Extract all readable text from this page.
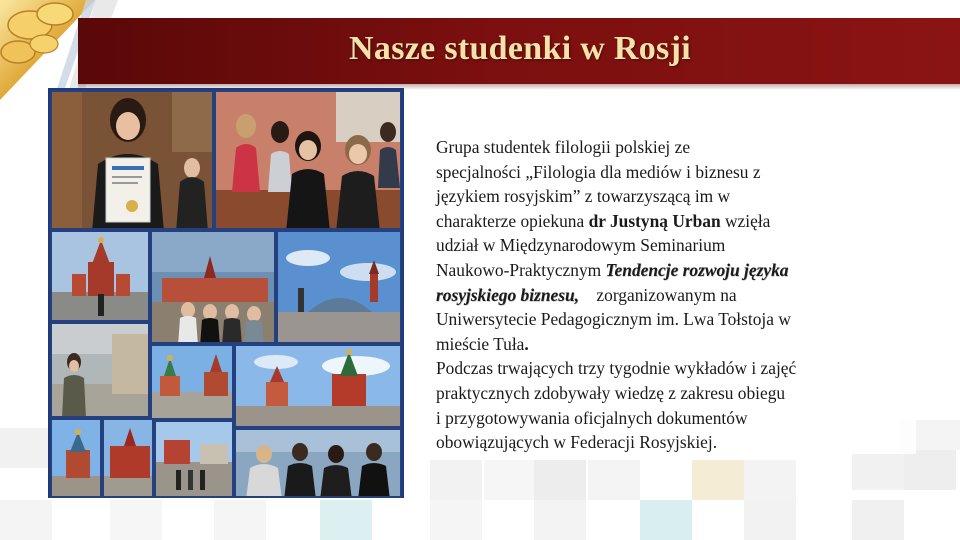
Nasze studenki w Rosji
Grupa studentek filologii polskiej ze
specjalności „Filologia dla mediów i biznesu z
językiem rosyjskim” z towarzyszącą im w
charakterze opiekuna dr Justyną Urban wzięła
udział w Międzynarodowym Seminarium
Naukowo-Praktycznym Tendencje rozwoju języka
rosyjskiego biznesu,    zorganizowanym na
Uniwersytecie Pedagogicznym im. Lwa Tołstoja w
mieście Tuła.
Podczas trwających trzy tygodnie wykładów i zajęć
praktycznych zdobywały wiedzę z zakresu obiegu
i przygotowywania oficjalnych dokumentów
obowiązujących w Federacji Rosyjskiej.
